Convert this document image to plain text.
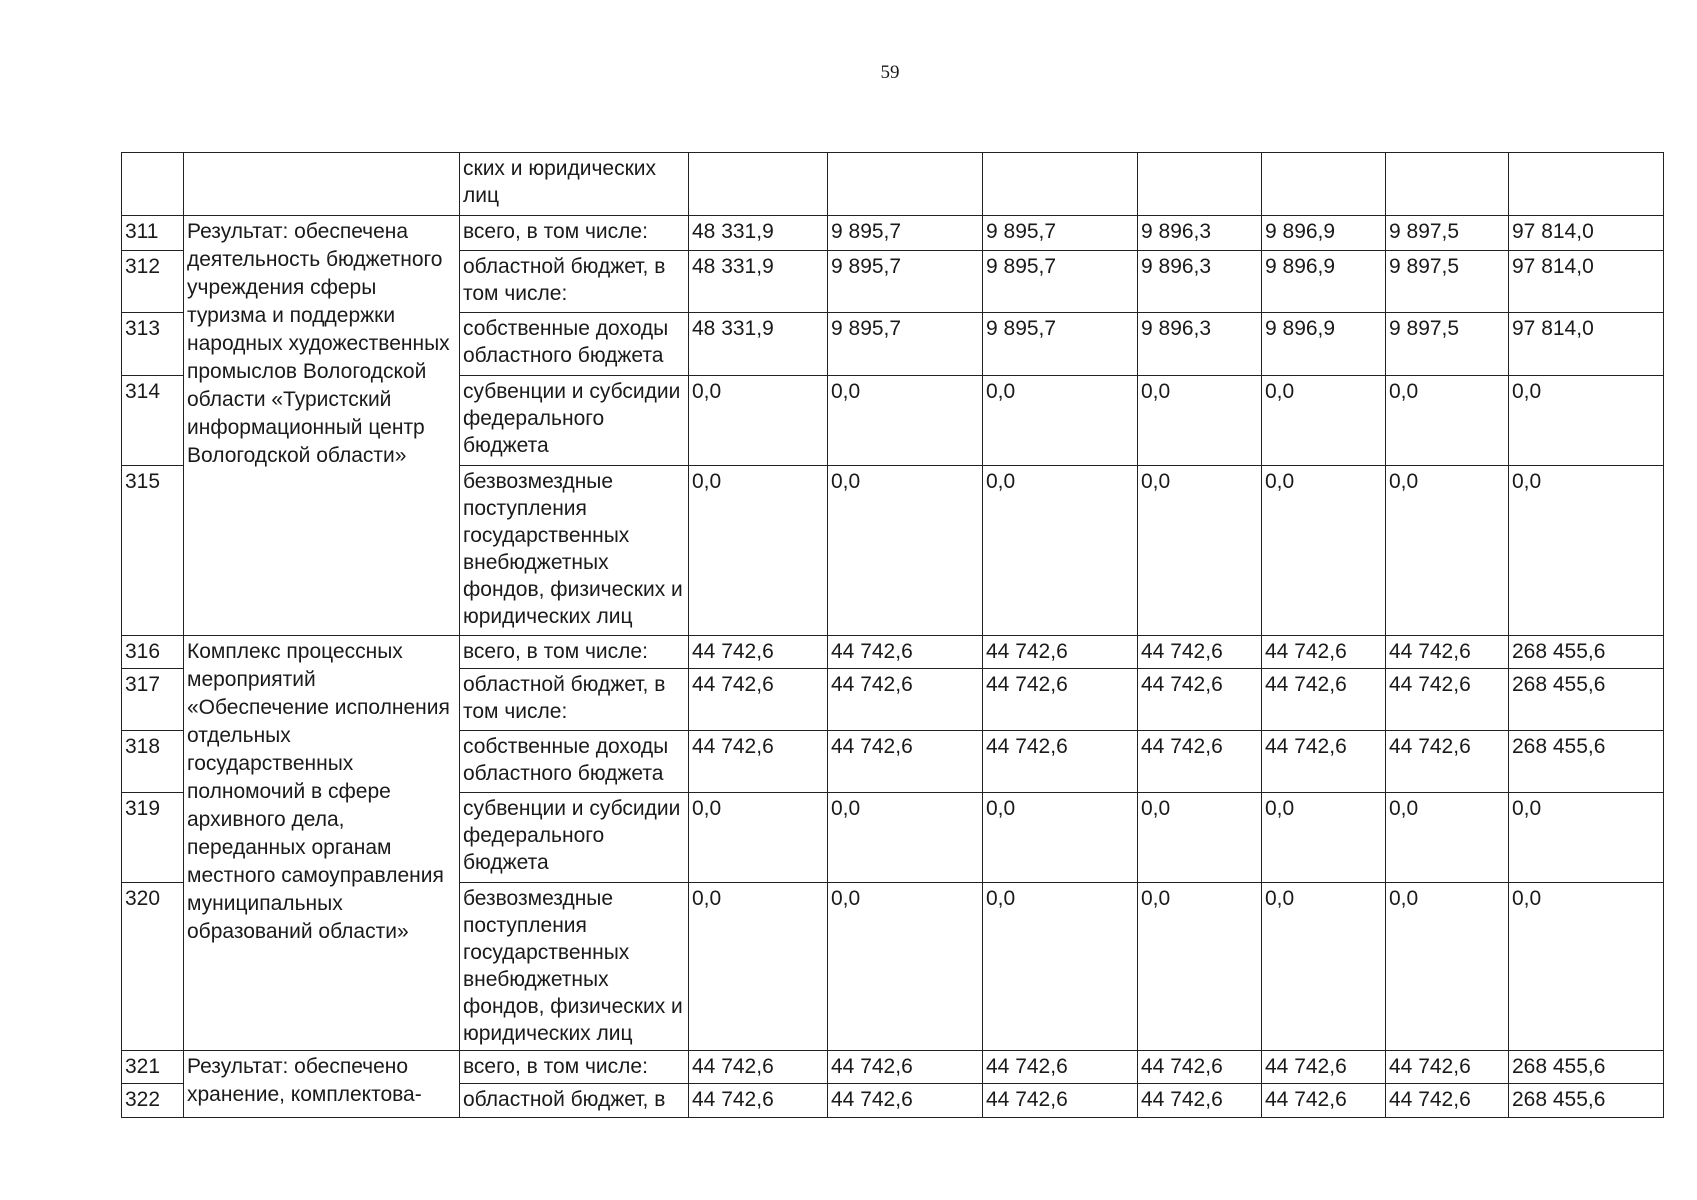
59
		ских и юридических лиц							
311	Результат: обеспечена деятельность бюджетного учреждения сферы туризма и поддержки народных художественных промыслов Вологодской области «Туристский информационный центр Вологодской области»	всего, в том числе:	48 331,9	9 895,7	9 895,7	9 896,3	9 896,9	9 897,5	97 814,0
312		областной бюджет, в том числе:	48 331,9	9 895,7	9 895,7	9 896,3	9 896,9	9 897,5	97 814,0
313		собственные доходы областного бюджета	48 331,9	9 895,7	9 895,7	9 896,3	9 896,9	9 897,5	97 814,0
314		субвенции и субсидии федерального бюджета	0,0	0,0	0,0	0,0	0,0	0,0	0,0
315		безвозмездные поступления государственных внебюджетных фондов, физических и юридических лиц	0,0	0,0	0,0	0,0	0,0	0,0	0,0
316	Комплекс процессных мероприятий «Обеспечение исполнения отдельных государственных полномочий в сфере архивного дела, переданных органам местного самоуправления муниципальных образований области»	всего, в том числе:	44 742,6	44 742,6	44 742,6	44 742,6	44 742,6	44 742,6	268 455,6
317		областной бюджет, в том числе:	44 742,6	44 742,6	44 742,6	44 742,6	44 742,6	44 742,6	268 455,6
318		собственные доходы областного бюджета	44 742,6	44 742,6	44 742,6	44 742,6	44 742,6	44 742,6	268 455,6
319		субвенции и субсидии федерального бюджета	0,0	0,0	0,0	0,0	0,0	0,0	0,0
320		безвозмездные поступления государственных внебюджетных фондов, физических и юридических лиц	0,0	0,0	0,0	0,0	0,0	0,0	0,0
321	Результат: обеспечено хранение, комплектова-	всего, в том числе:	44 742,6	44 742,6	44 742,6	44 742,6	44 742,6	44 742,6	268 455,6
322		областной бюджет, в	44 742,6	44 742,6	44 742,6	44 742,6	44 742,6	44 742,6	268 455,6
